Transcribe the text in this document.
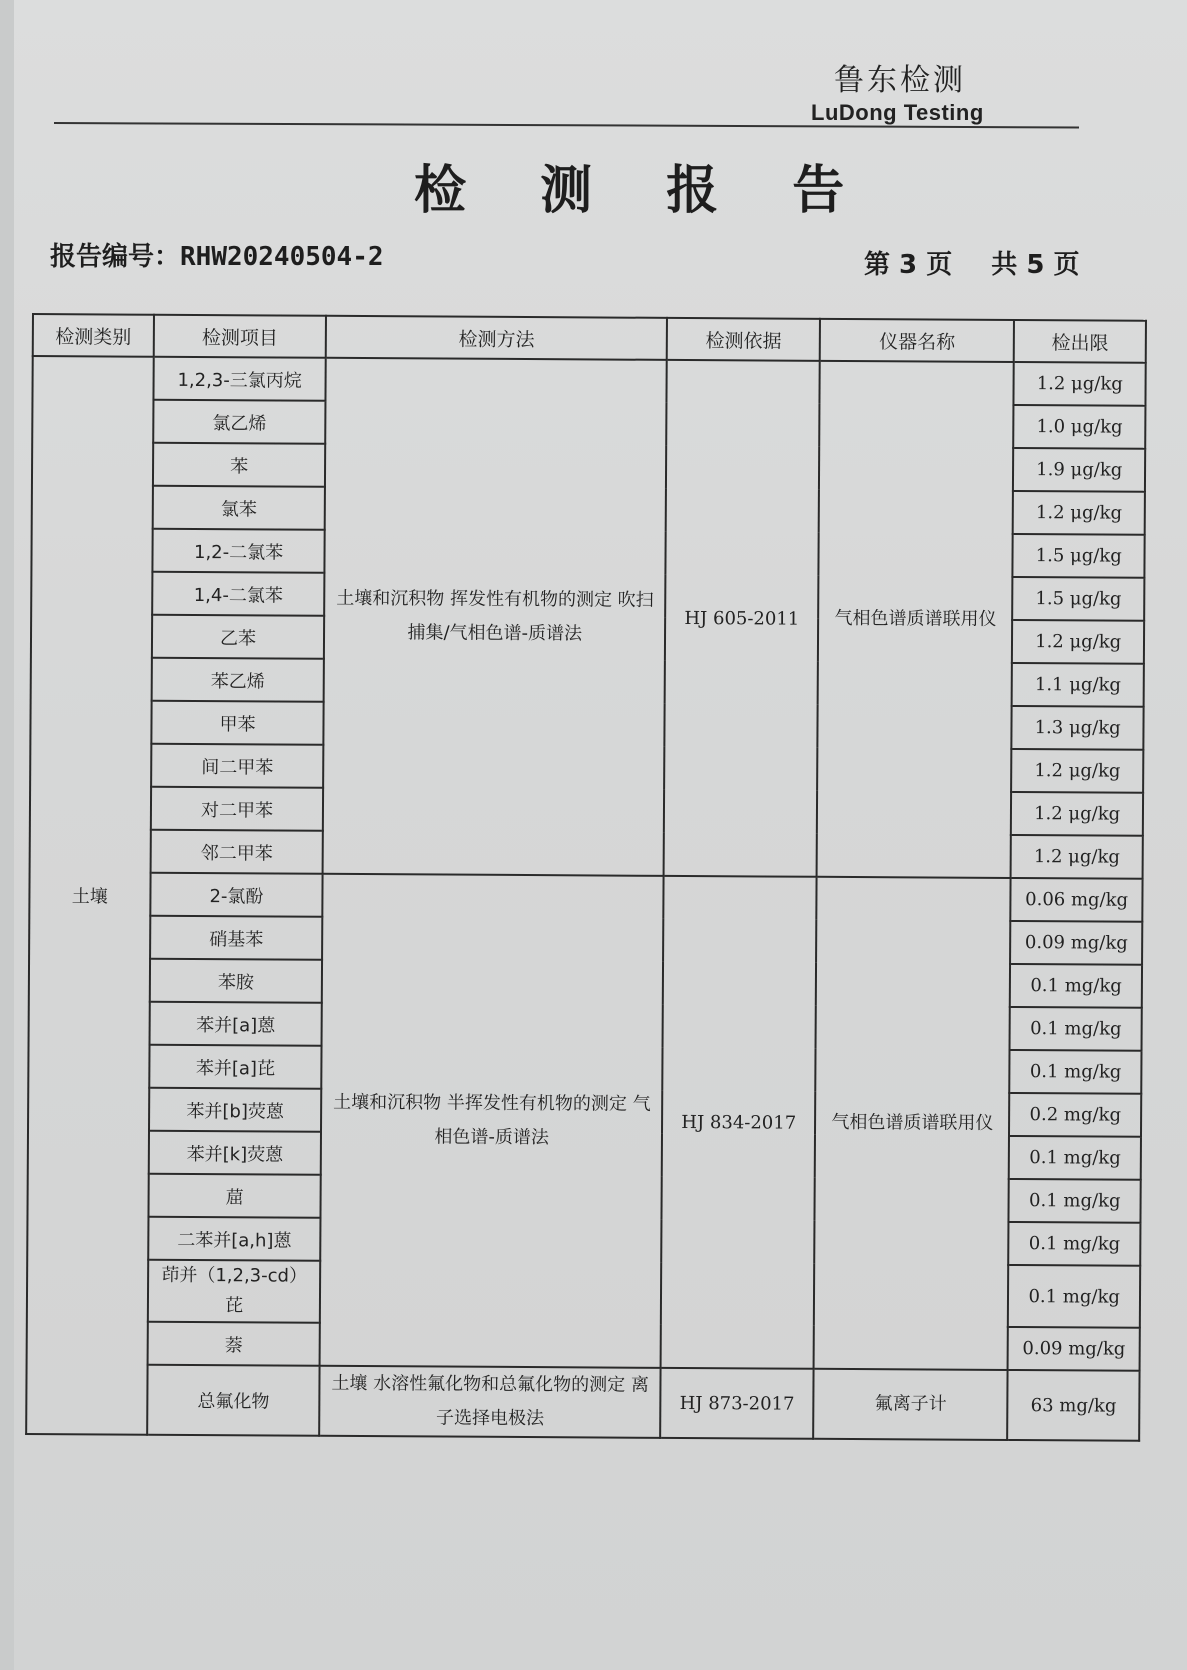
鲁东检测
LuDong Testing
检 测 报 告
报告编号：RHW20240504-2	第 3 页 共 5 页
检测类别	检测项目	检测方法	检测依据	仪器名称	检出限
土壤	1,2,3-三氯丙烷	土壤和沉积物 挥发性有机物的测定 吹扫捕集/气相色谱-质谱法	HJ 605-2011	气相色谱质谱联用仪	1.2 μg/kg
	氯乙烯				1.0 μg/kg
	苯				1.9 μg/kg
	氯苯				1.2 μg/kg
	1,2-二氯苯				1.5 μg/kg
	1,4-二氯苯				1.5 μg/kg
	乙苯				1.2 μg/kg
	苯乙烯				1.1 μg/kg
	甲苯				1.3 μg/kg
	间二甲苯				1.2 μg/kg
	对二甲苯				1.2 μg/kg
	邻二甲苯				1.2 μg/kg
	2-氯酚	土壤和沉积物 半挥发性有机物的测定 气相色谱-质谱法	HJ 834-2017	气相色谱质谱联用仪	0.06 mg/kg
	硝基苯				0.09 mg/kg
	苯胺				0.1 mg/kg
	苯并[a]蒽				0.1 mg/kg
	苯并[a]芘				0.1 mg/kg
	苯并[b]荧蒽				0.2 mg/kg
	苯并[k]荧蒽				0.1 mg/kg
	䓛				0.1 mg/kg
	二苯并[a,h]蒽				0.1 mg/kg
	茚并（1,2,3-cd）芘				0.1 mg/kg
	萘				0.09 mg/kg
	总氟化物	土壤 水溶性氟化物和总氟化物的测定 离子选择电极法	HJ 873-2017	氟离子计	63 mg/kg
